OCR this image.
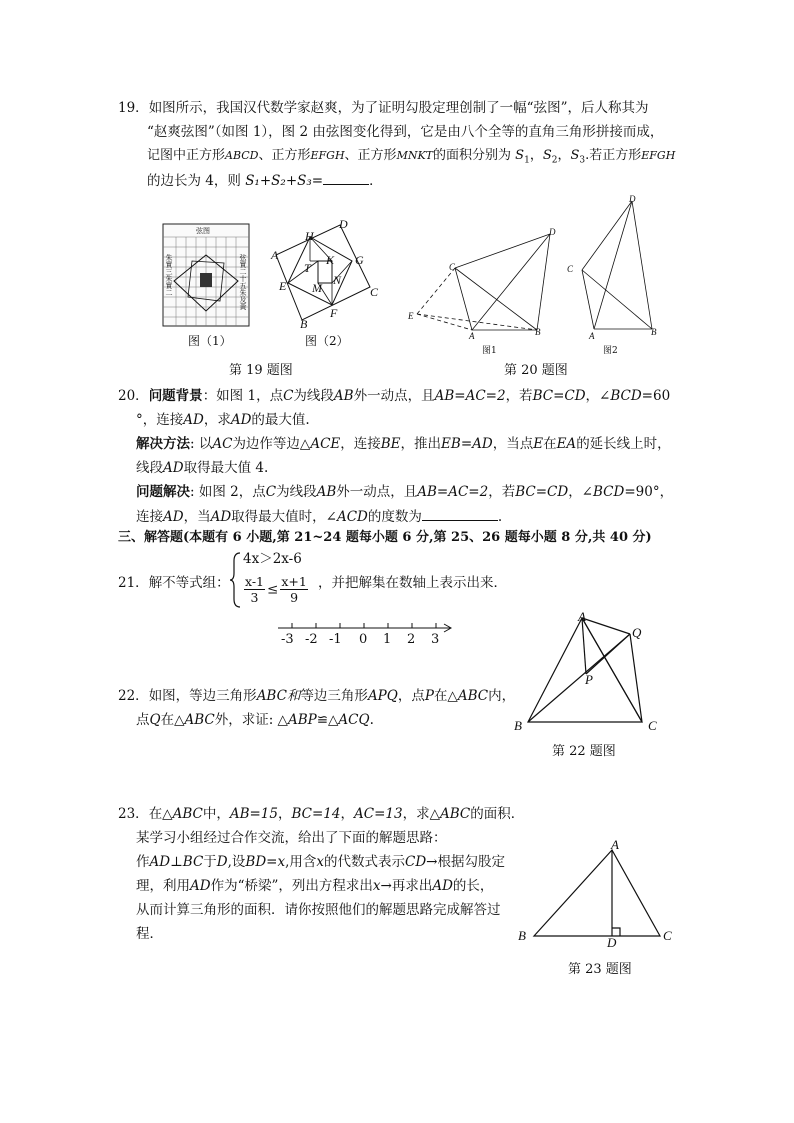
19．如图所示，我国汉代数学家赵爽，为了证明勾股定理创制了一幅“弦图”，后人称其为
“赵爽弦图”（如图 1），图 2 由弦图变化得到，它是由八个全等的直角三角形拼接而成，
记图中正方形ABCD、正方形EFGH、正方形MNKT的面积分别为 $S_1$，$S_2$，$S_3$.若正方形EFGH
的边长为 4，则 S₁+S₂+S₃=	．
弦图
朱實三朱實二	弦實二十五朱及黃
图（1）
D
A
H
T
K G
E M
N
C
F
B
图（2）
第 19 题图
D
C
E
A	B
图1
D
C
A	B
图2
第 20 题图
20．问题背景：如图 1，点C为线段AB外一动点，且AB=AC=2，若BC=CD，∠BCD=60
°，连接AD，求AD的最大值.
解决方法: 以AC为边作等边△ACE，连接BE，推出EB=AD，当点E在EA的延长线上时，
线段AD取得最大值 4.
问题解决: 如图 2，点C为线段AB外一动点，且AB=AC=2，若BC=CD，∠BCD=90°，
连接AD，当AD取得最大值时，∠ACD的度数为	.
三、解答题(本题有 6 小题,第 21~24 题每小题 6 分,第 25、26 题每小题 8 分,共 40 分)
21．解不等式组：
4x＞2x-6
$\frac{x-1}{3} \le \frac{x+1}{9}$ ，并把解集在数轴上表示出来．
-3 -2 -1 0 1 2 3
A
Q
P
B	C
第 22 题图
22．如图，等边三角形ABC和等边三角形APQ，点P在△ABC内，
点Q在△ABC外，求证: △ABP≌△ACQ.
23．在△ABC中，AB=15，BC=14，AC=13，求△ABC的面积．
某学习小组经过合作交流，给出了下面的解题思路：
作AD⊥BC于D,设BD=x,用含x的代数式表示CD→根据勾股定
理，利用AD作为“桥梁”，列出方程求出x→再求出AD的长，
从而计算三角形的面积．请你按照他们的解题思路完成解答过
程．
A
B	D	C
第 23 题图
